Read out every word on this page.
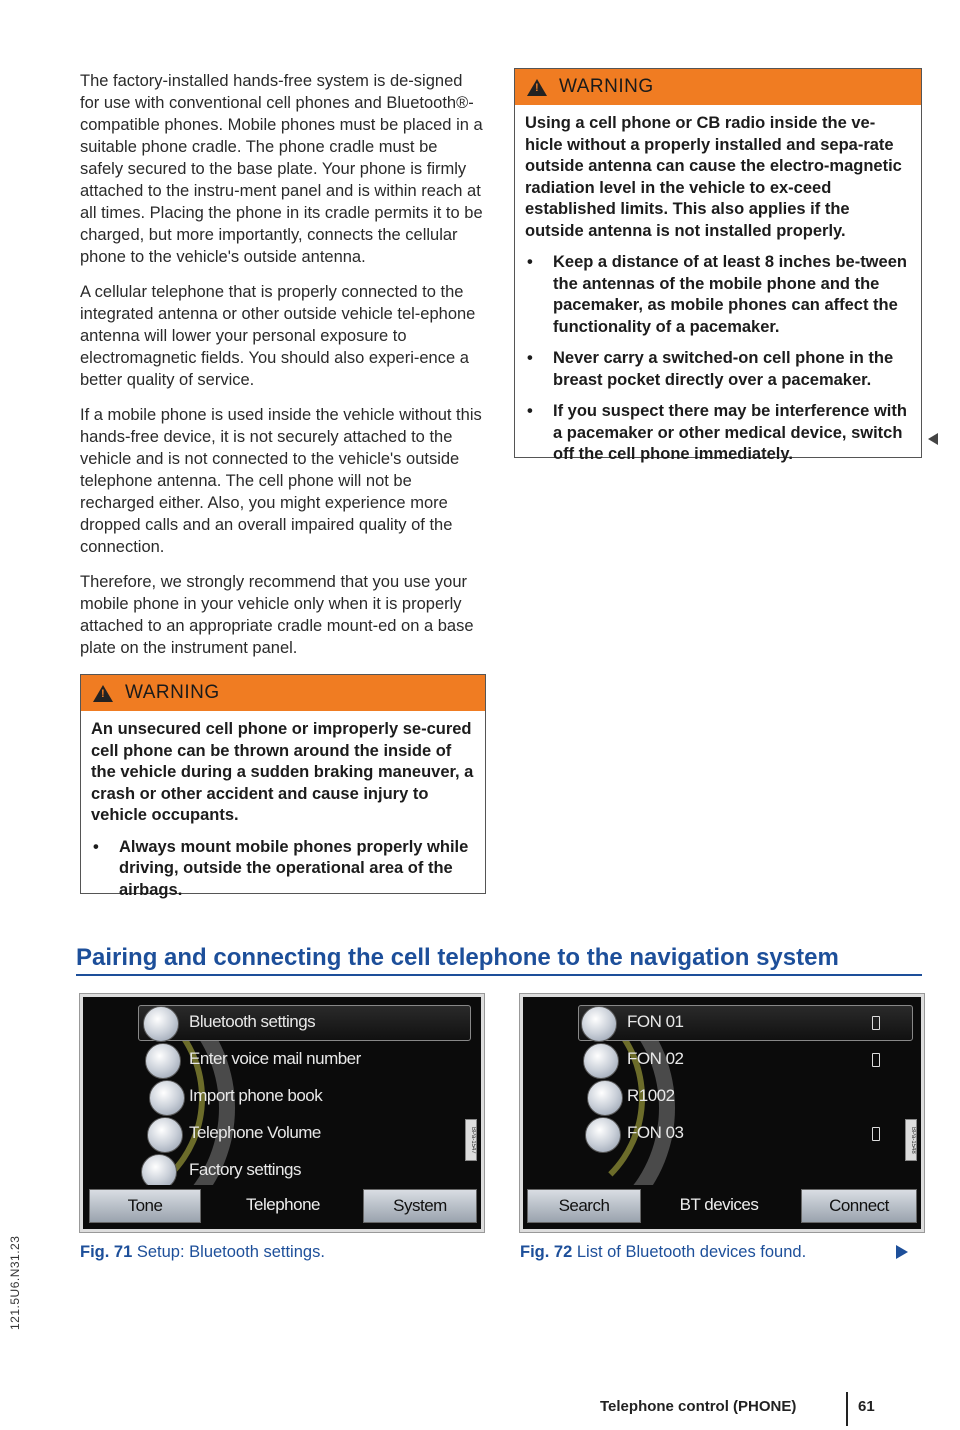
121.5U6.N31.23

The factory-installed hands-free system is de-signed for use with conventional cell phones and Bluetooth®-compatible phones. Mobile phones must be placed in a suitable phone cradle. The phone cradle must be safely secured to the base plate. Your phone is firmly attached to the instru-ment panel and is within reach at all times. Placing the phone in its cradle permits it to be charged, but more importantly, connects the cellular phone to the vehicle's outside antenna.

A cellular telephone that is properly connected to the integrated antenna or other outside vehicle tel-ephone antenna will lower your personal exposure to electromagnetic fields. You should also experi-ence a better quality of service.

If a mobile phone is used inside the vehicle without this hands-free device, it is not securely attached to the vehicle and is not connected to the vehicle's outside telephone antenna. The cell phone will not be recharged either. Also, you might experience more dropped calls and an overall impaired quality of the connection.

Therefore, we strongly recommend that you use your mobile phone in your vehicle only when it is properly attached to an appropriate cradle mount-ed on a base plate on the instrument panel.

!
WARNING

An unsecured cell phone or improperly se-cured cell phone can be thrown around the inside of the vehicle during a sudden braking maneuver, a crash or other accident and cause injury to vehicle occupants.

•	Always mount mobile phones properly while driving, outside the operational area of the airbags.
!
WARNING

Using a cell phone or CB radio inside the ve-hicle without a properly installed and sepa-rate outside antenna can cause the electro-magnetic radiation level in the vehicle to ex-ceed established limits. This also applies if the outside antenna is not installed properly.

•	Keep a distance of at least 8 inches be-tween the antennas of the mobile phone and the pacemaker, as mobile phones can affect the functionality of a pacemaker.
•	Never carry a switched-on cell phone in the breast pocket directly over a pacemaker.
•	If you suspect there may be interference with a pacemaker or other medical device, switch off the cell phone immediately.
Pairing and connecting the cell telephone to the navigation system
Bluetooth settings
Enter voice mail number
Import phone book
Telephone Volume
Factory settings
BPa-1547
Tone	Telephone	System
Fig. 71 Setup: Bluetooth settings.
FON 01
FON 02
R1002
FON 03	BPa-1548
Search	BT devices	Connect
Fig. 72 List of Bluetooth devices found.
Telephone control (PHONE)	61
